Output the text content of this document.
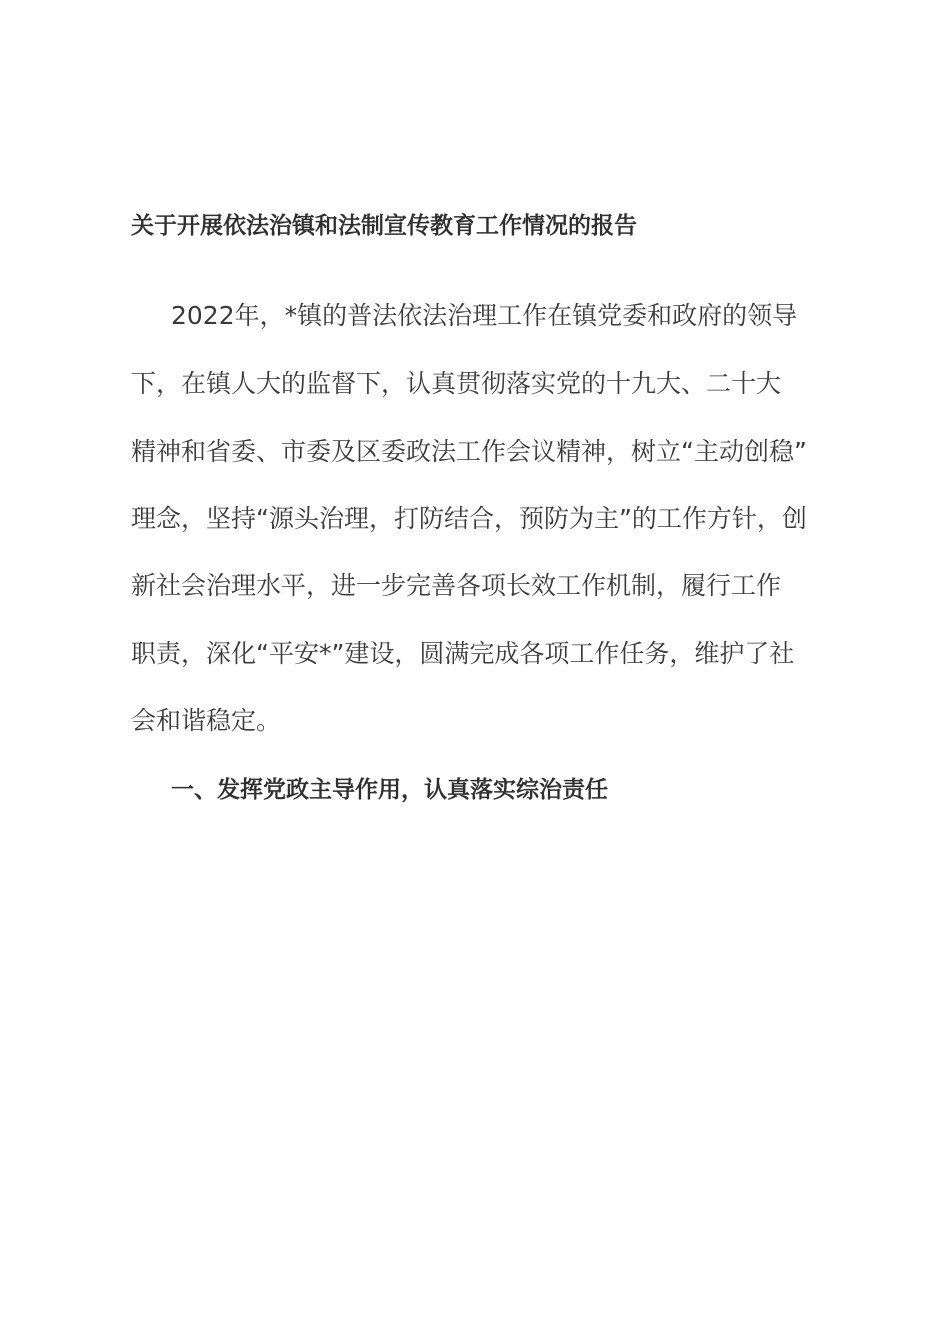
关于开展依法治镇和法制宣传教育工作情况的报告
2022年，*镇的普法依法治理工作在镇党委和政府的领导
下，在镇人大的监督下，认真贯彻落实党的十九大、二十大
精神和省委、市委及区委政法工作会议精神，树立“主动创稳”
理念，坚持“源头治理，打防结合，预防为主”的工作方针，创
新社会治理水平，进一步完善各项长效工作机制，履行工作
职责，深化“平安*”建设，圆满完成各项工作任务，维护了社
会和谐稳定。
一、发挥党政主导作用，认真落实综治责任
